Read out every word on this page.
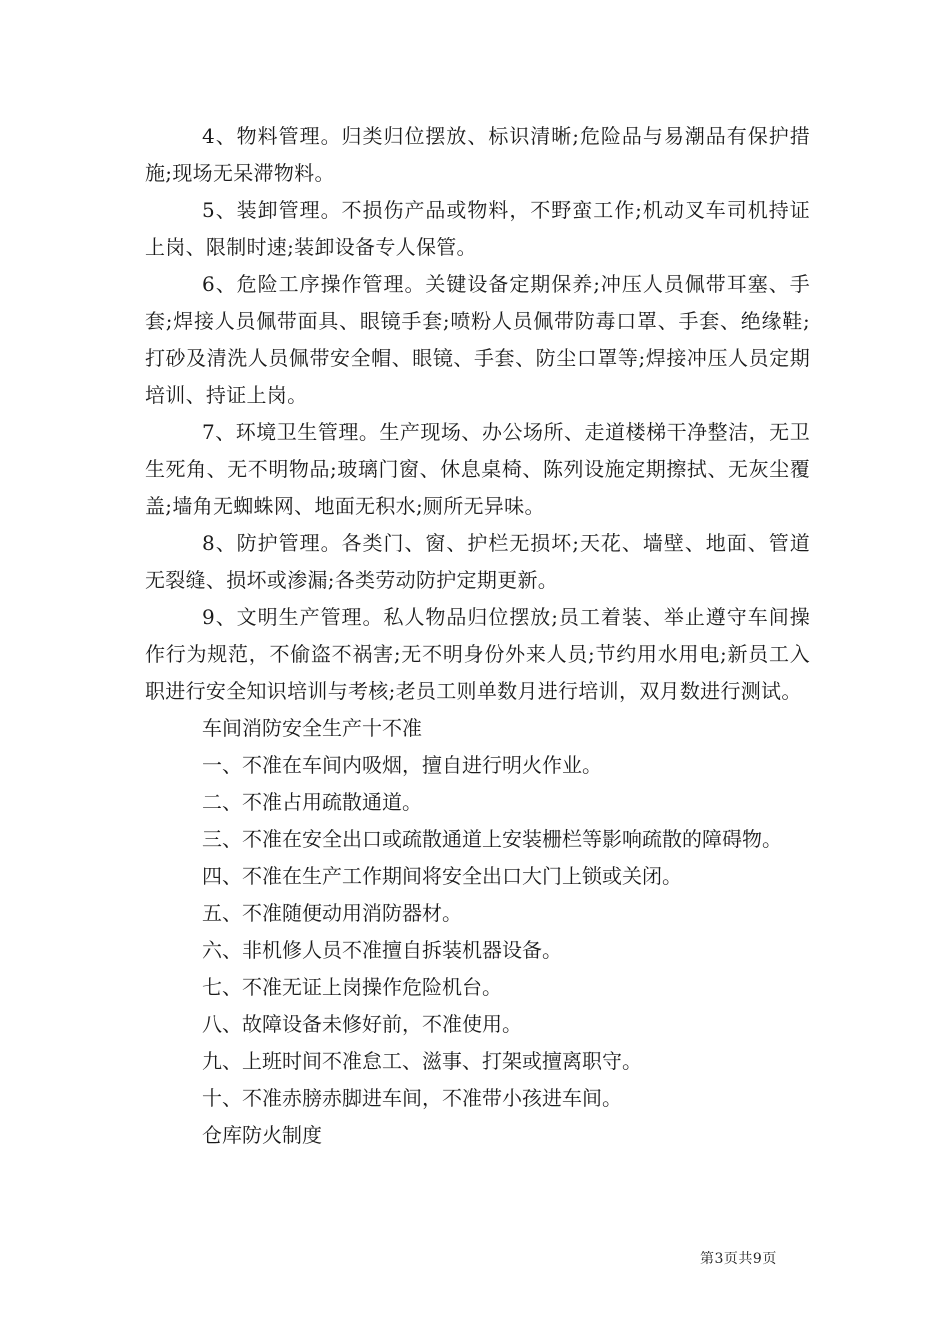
4、物料管理。归类归位摆放、标识清晰;危险品与易潮品有保护措施;现场无呆滞物料。

5、装卸管理。不损伤产品或物料，不野蛮工作;机动叉车司机持证上岗、限制时速;装卸设备专人保管。

6、危险工序操作管理。关键设备定期保养;冲压人员佩带耳塞、手套;焊接人员佩带面具、眼镜手套;喷粉人员佩带防毒口罩、手套、绝缘鞋;打砂及清洗人员佩带安全帽、眼镜、手套、防尘口罩等;焊接冲压人员定期培训、持证上岗。

7、环境卫生管理。生产现场、办公场所、走道楼梯干净整洁，无卫生死角、无不明物品;玻璃门窗、休息桌椅、陈列设施定期擦拭、无灰尘覆盖;墙角无蜘蛛网、地面无积水;厕所无异味。

8、防护管理。各类门、窗、护栏无损坏;天花、墙壁、地面、管道无裂缝、损坏或渗漏;各类劳动防护定期更新。

9、文明生产管理。私人物品归位摆放;员工着装、举止遵守车间操作行为规范，不偷盗不祸害;无不明身份外来人员;节约用水用电;新员工入职进行安全知识培训与考核;老员工则单数月进行培训，双月数进行测试。

车间消防安全生产十不准

一、不准在车间内吸烟，擅自进行明火作业。

二、不准占用疏散通道。

三、不准在安全出口或疏散通道上安装栅栏等影响疏散的障碍物。

四、不准在生产工作期间将安全出口大门上锁或关闭。

五、不准随便动用消防器材。

六、非机修人员不准擅自拆装机器设备。

七、不准无证上岗操作危险机台。

八、故障设备未修好前，不准使用。

九、上班时间不准怠工、滋事、打架或擅离职守。

十、不准赤膀赤脚进车间，不准带小孩进车间。

仓库防火制度

第3页共9页
